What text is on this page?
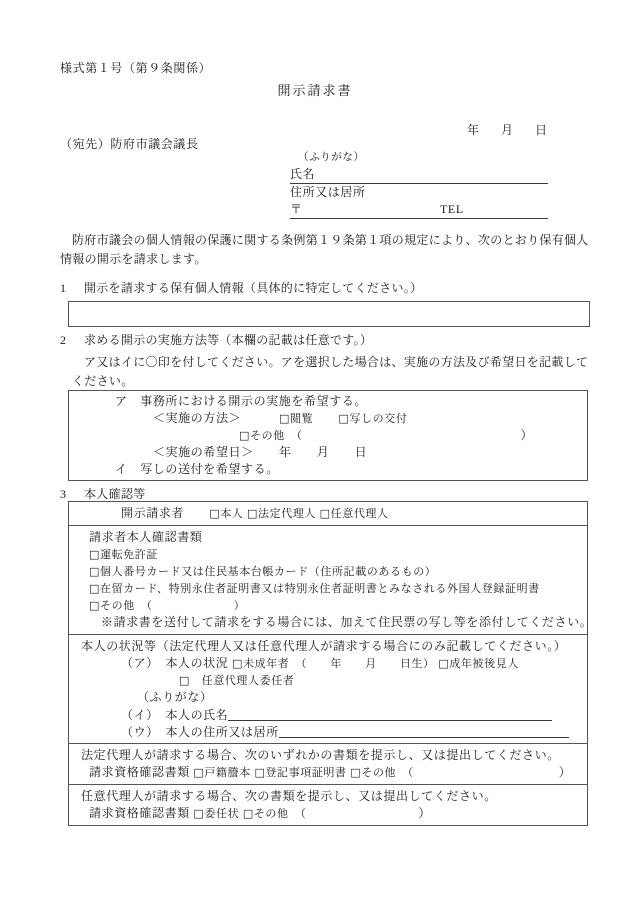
様式第１号（第９条関係）
開示請求書

年 月 日

（宛先）防府市議会議長
（ふりがな）
氏名
住所又は居所
〒	TEL
防府市議会の個人情報の保護に関する条例第１９条第１項の規定により、次のとおり保有個人情報の開示を請求します。
1 開示を請求する保有個人情報（具体的に特定してください。）
2 求める開示の実施方法等（本欄の記載は任意です。）
ア又はイに〇印を付してください。アを選択した場合は、実施の方法及び希望日を記載してください。
ア　事務所における開示の実施を希望する。
＜実施の方法＞　　　	□閲覧　　 □写しの交付
□その他　（	）
＜実施の希望日＞　　 年　　 月　　 日
イ　写しの送付を希望する。
3 本人確認等
開示請求者　　 □本人 □法定代理人 □任意代理人
請求者本人確認書類
□運転免許証
□個人番号カード又は住民基本台帳カード（住所記載のあるもの）
□在留カード、特別永住者証明書又は特別永住者証明書とみなされる外国人登録証明書
□その他　（　　　　　　　）
※請求書を送付して請求をする場合には、加えて住民票の写し等を添付してください。
本人の状況等（法定代理人又は任意代理人が請求する場合にのみ記載してください。）
（ア）　本人の状況 □未成年者　（　　年　　月　　日生） □成年被後見人
□　任意代理人委任者
（ふりがな）
（イ）　本人の氏名
（ウ）　本人の住所又は居所
法定代理人が請求する場合、次のいずれかの書類を提示し、又は提出してください。
請求資格確認書類 □戸籍謄本 □登記事項証明書 □その他　（	）
任意代理人が請求する場合、次の書類を提示し、又は提出してください。
請求資格確認書類 □委任状 □その他　（	）
